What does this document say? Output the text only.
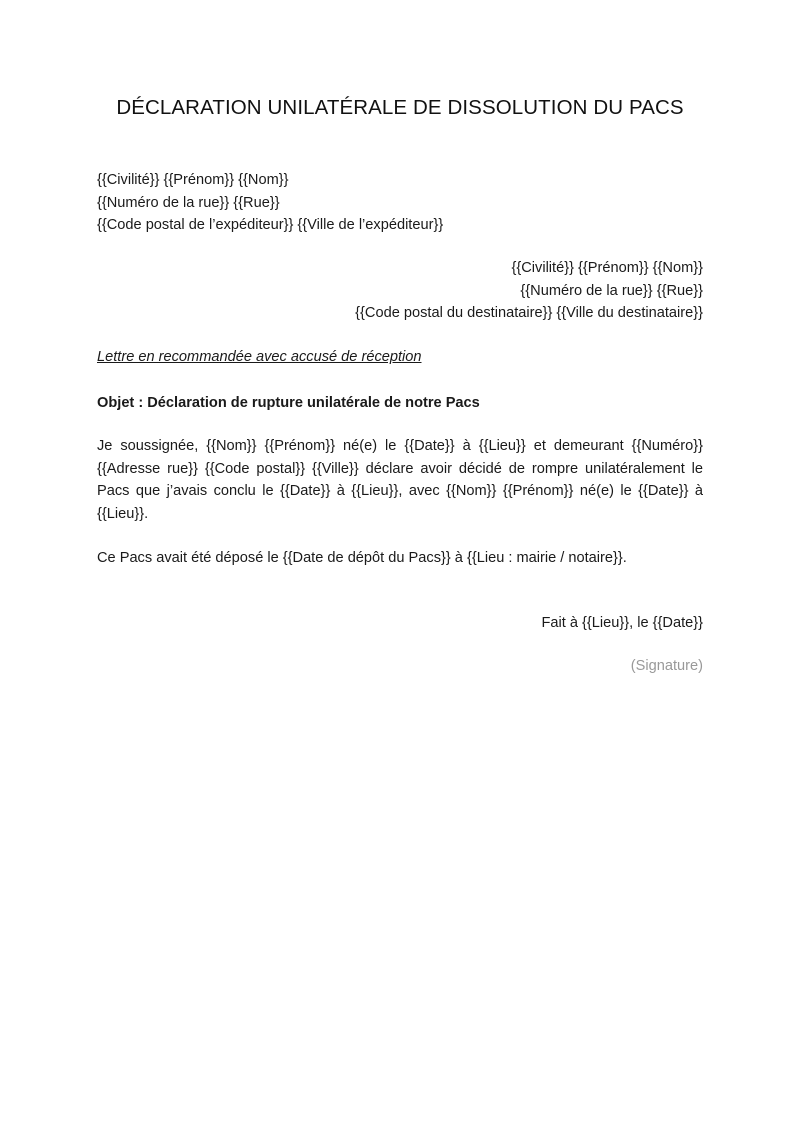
DÉCLARATION UNILATÉRALE DE DISSOLUTION DU PACS
{{Civilité}} {{Prénom}} {{Nom}}
{{Numéro de la rue}} {{Rue}}
{{Code postal de l’expéditeur}} {{Ville de l’expéditeur}}
{{Civilité}} {{Prénom}} {{Nom}}
{{Numéro de la rue}} {{Rue}}
{{Code postal du destinataire}} {{Ville du destinataire}}
Lettre en recommandée avec accusé de réception
Objet : Déclaration de rupture unilatérale de notre Pacs
Je soussignée, {{Nom}} {{Prénom}} né(e) le {{Date}} à {{Lieu}} et demeurant {{Numéro}} {{Adresse rue}} {{Code postal}} {{Ville}} déclare avoir décidé de rompre unilatéralement le Pacs que j’avais conclu le {{Date}} à {{Lieu}}, avec {{Nom}} {{Prénom}} né(e) le {{Date}} à {{Lieu}}.
Ce Pacs avait été déposé le {{Date de dépôt du Pacs}} à {{Lieu : mairie / notaire}}.
Fait à {{Lieu}}, le {{Date}}
(Signature)
